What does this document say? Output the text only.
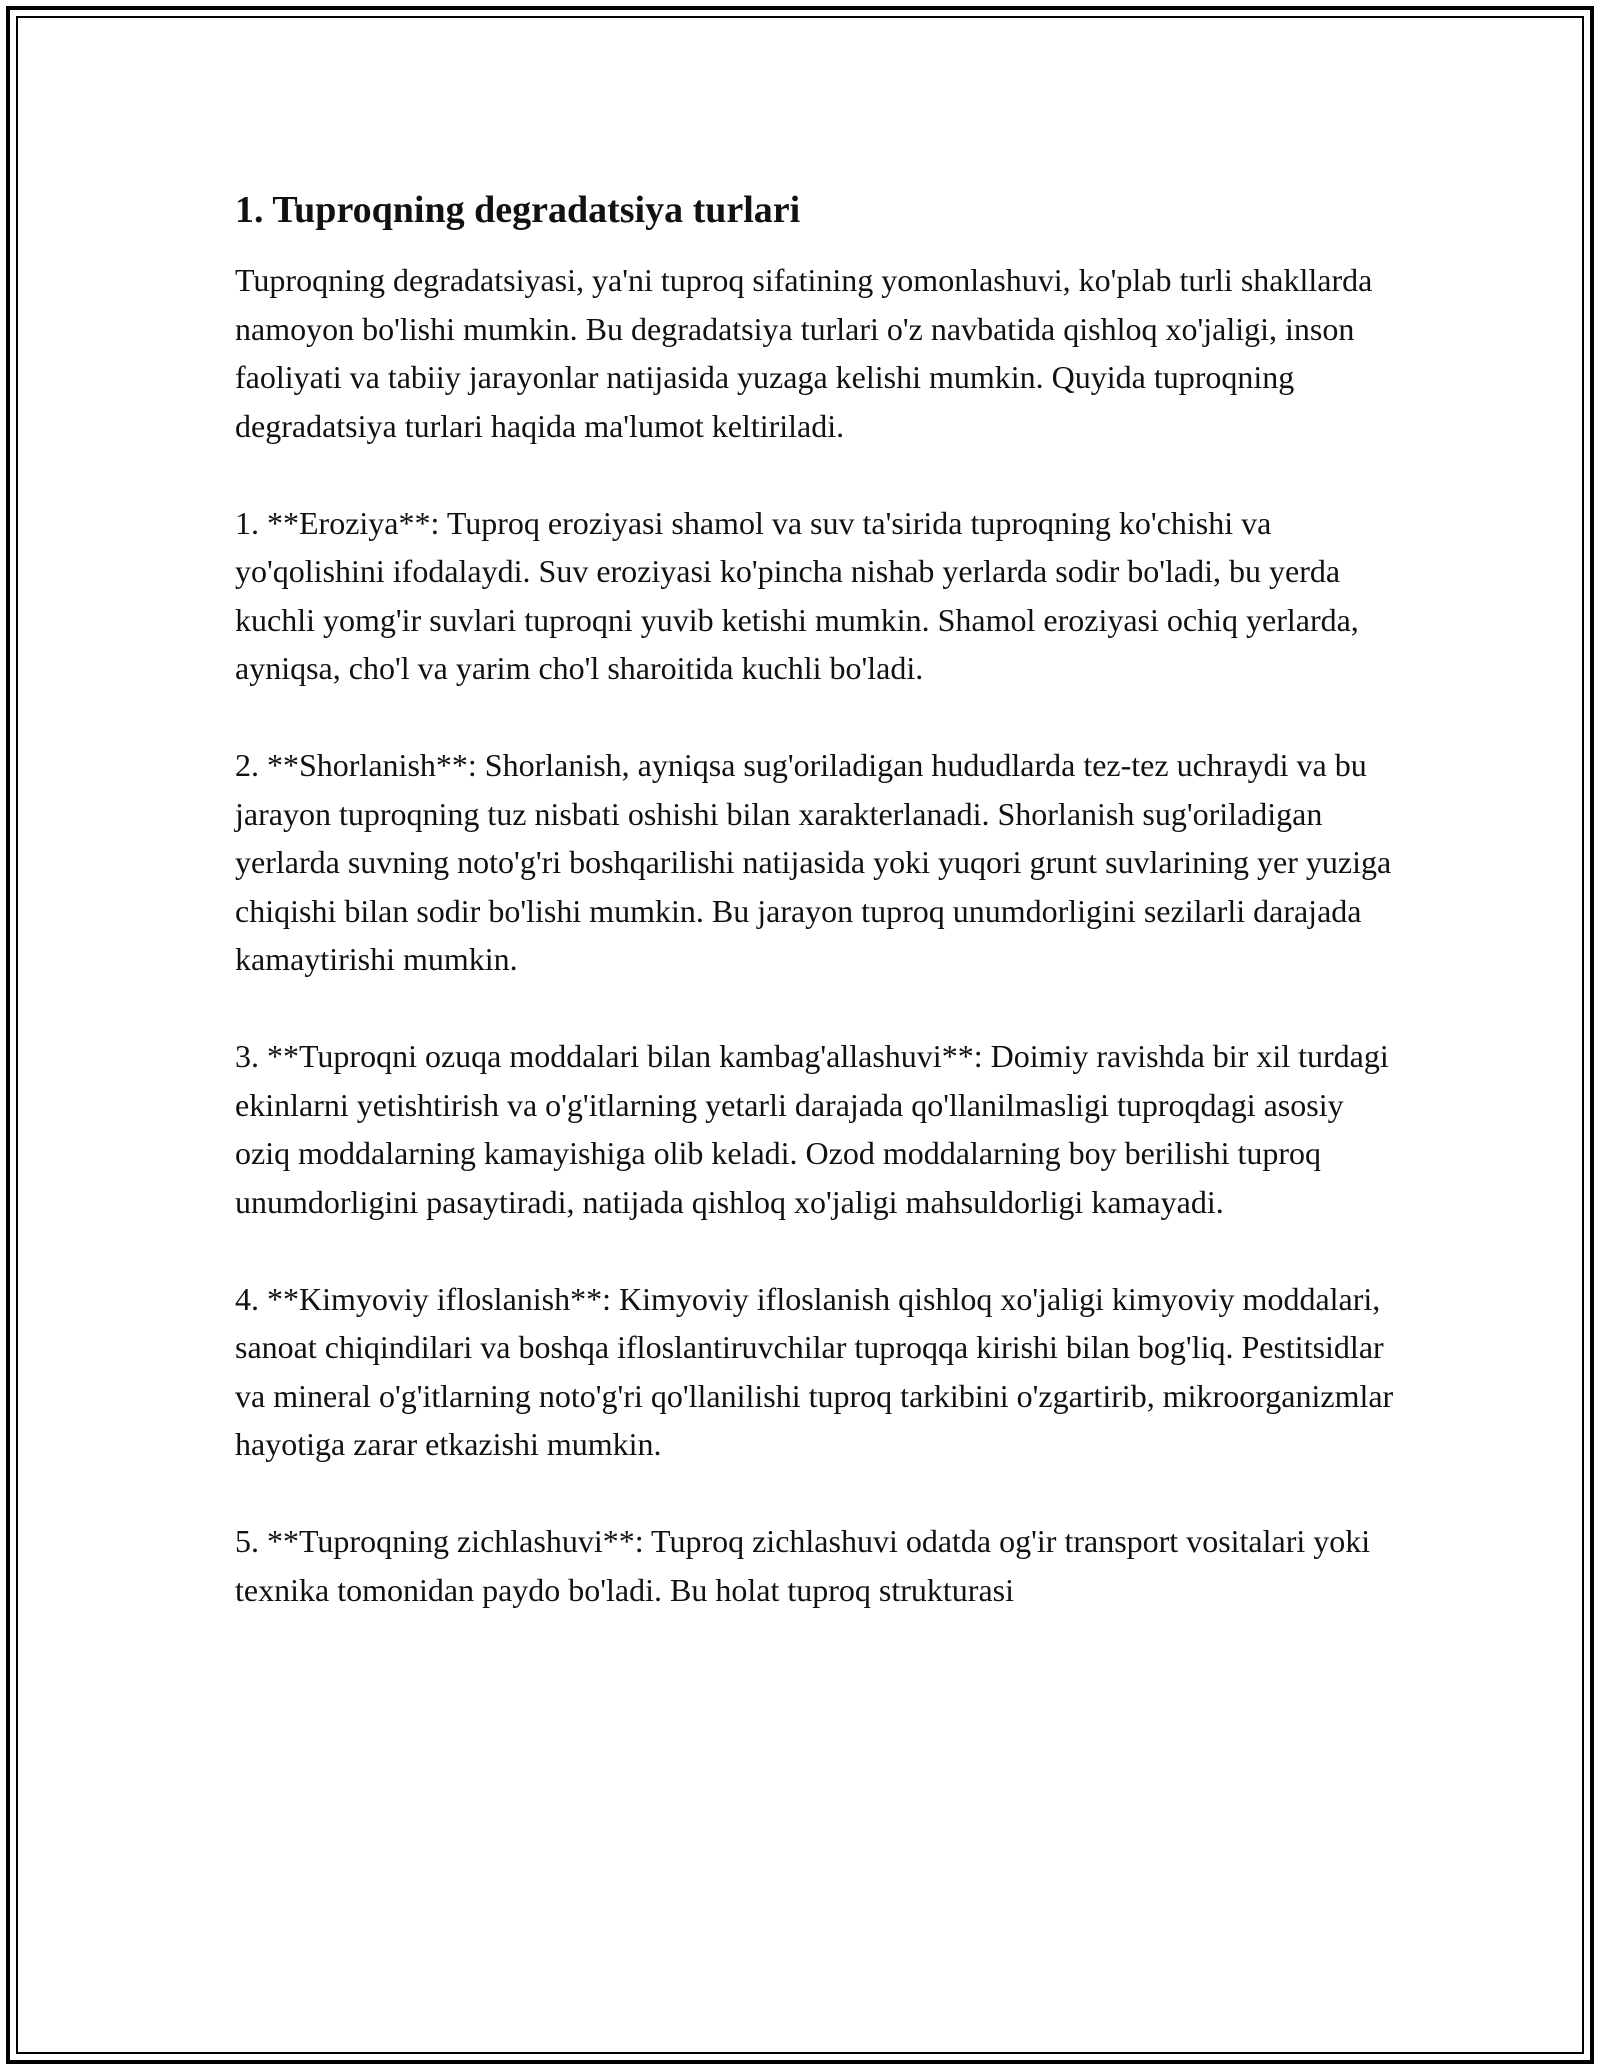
1. Tuproqning degradatsiya turlari

Tuproqning degradatsiyasi, ya'ni tuproq sifatining yomonlashuvi, ko'plab turli shakllarda namoyon bo'lishi mumkin. Bu degradatsiya turlari o'z navbatida qishloq xo'jaligi, inson faoliyati va tabiiy jarayonlar natijasida yuzaga kelishi mumkin. Quyida tuproqning degradatsiya turlari haqida ma'lumot keltiriladi.

1. **Eroziya**: Tuproq eroziyasi shamol va suv ta'sirida tuproqning ko'chishi va yo'qolishini ifodalaydi. Suv eroziyasi ko'pincha nishab yerlarda sodir bo'ladi, bu yerda kuchli yomg'ir suvlari tuproqni yuvib ketishi mumkin. Shamol eroziyasi ochiq yerlarda, ayniqsa, cho'l va yarim cho'l sharoitida kuchli bo'ladi.

2. **Shorlanish**: Shorlanish, ayniqsa sug'oriladigan hududlarda tez-tez uchraydi va bu jarayon tuproqning tuz nisbati oshishi bilan xarakterlanadi. Shorlanish sug'oriladigan yerlarda suvning noto'g'ri boshqarilishi natijasida yoki yuqori grunt suvlarining yer yuziga chiqishi bilan sodir bo'lishi mumkin. Bu jarayon tuproq unumdorligini sezilarli darajada kamaytirishi mumkin.

3. **Tuproqni ozuqa moddalari bilan kambag'allashuvi**: Doimiy ravishda bir xil turdagi ekinlarni yetishtirish va o'g'itlarning yetarli darajada qo'llanilmasligi tuproqdagi asosiy oziq moddalarning kamayishiga olib keladi. Ozod moddalarning boy berilishi tuproq unumdorligini pasaytiradi, natijada qishloq xo'jaligi mahsuldorligi kamayadi.

4. **Kimyoviy ifloslanish**: Kimyoviy ifloslanish qishloq xo'jaligi kimyoviy moddalari, sanoat chiqindilari va boshqa ifloslantiruvchilar tuproqqa kirishi bilan bog'liq. Pestitsidlar va mineral o'g'itlarning noto'g'ri qo'llanilishi tuproq tarkibini o'zgartirib, mikroorganizmlar hayotiga zarar etkazishi mumkin.

5. **Tuproqning zichlashuvi**: Tuproq zichlashuvi odatda og'ir transport vositalari yoki texnika tomonidan paydo bo'ladi. Bu holat tuproq strukturasi
